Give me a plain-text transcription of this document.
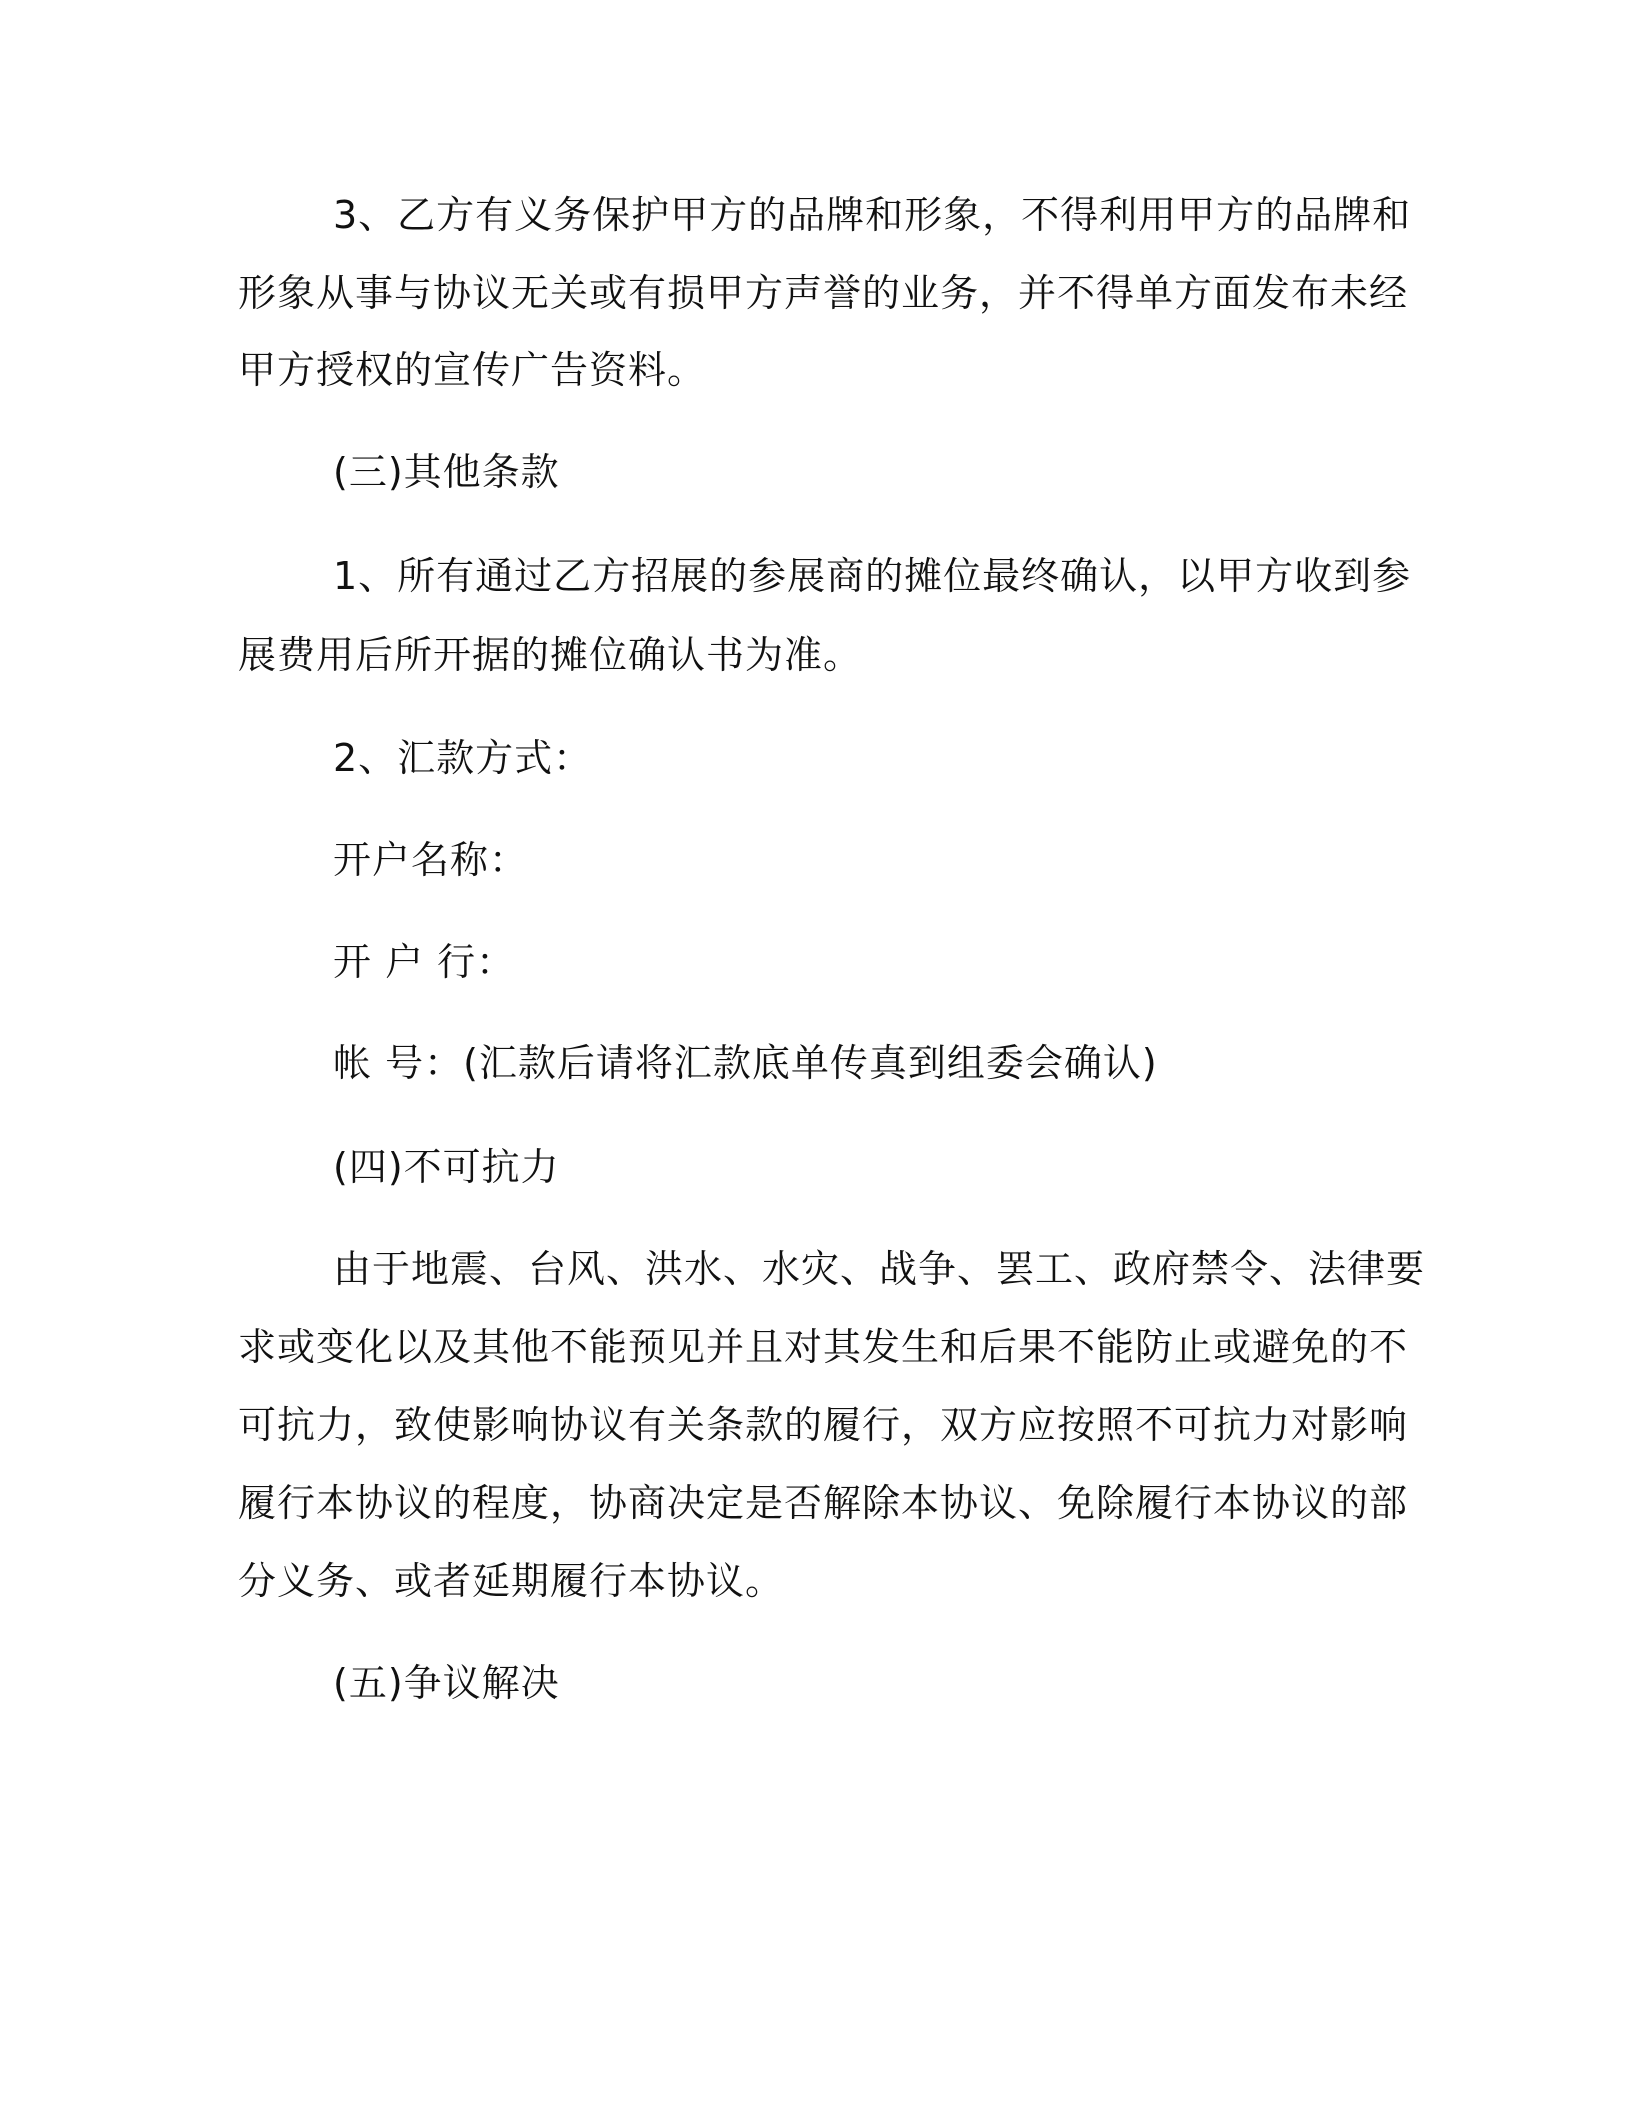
3、乙方有义务保护甲方的品牌和形象，不得利用甲方的品牌和
形象从事与协议无关或有损甲方声誉的业务，并不得单方面发布未经
甲方授权的宣传广告资料。
(三)其他条款
1、所有通过乙方招展的参展商的摊位最终确认，以甲方收到参
展费用后所开据的摊位确认书为准。
2、汇款方式：
开户名称：
开 户 行：
帐 号：(汇款后请将汇款底单传真到组委会确认)
(四)不可抗力
由于地震、台风、洪水、水灾、战争、罢工、政府禁令、法律要
求或变化以及其他不能预见并且对其发生和后果不能防止或避免的不
可抗力，致使影响协议有关条款的履行，双方应按照不可抗力对影响
履行本协议的程度，协商决定是否解除本协议、免除履行本协议的部
分义务、或者延期履行本协议。
(五)争议解决
